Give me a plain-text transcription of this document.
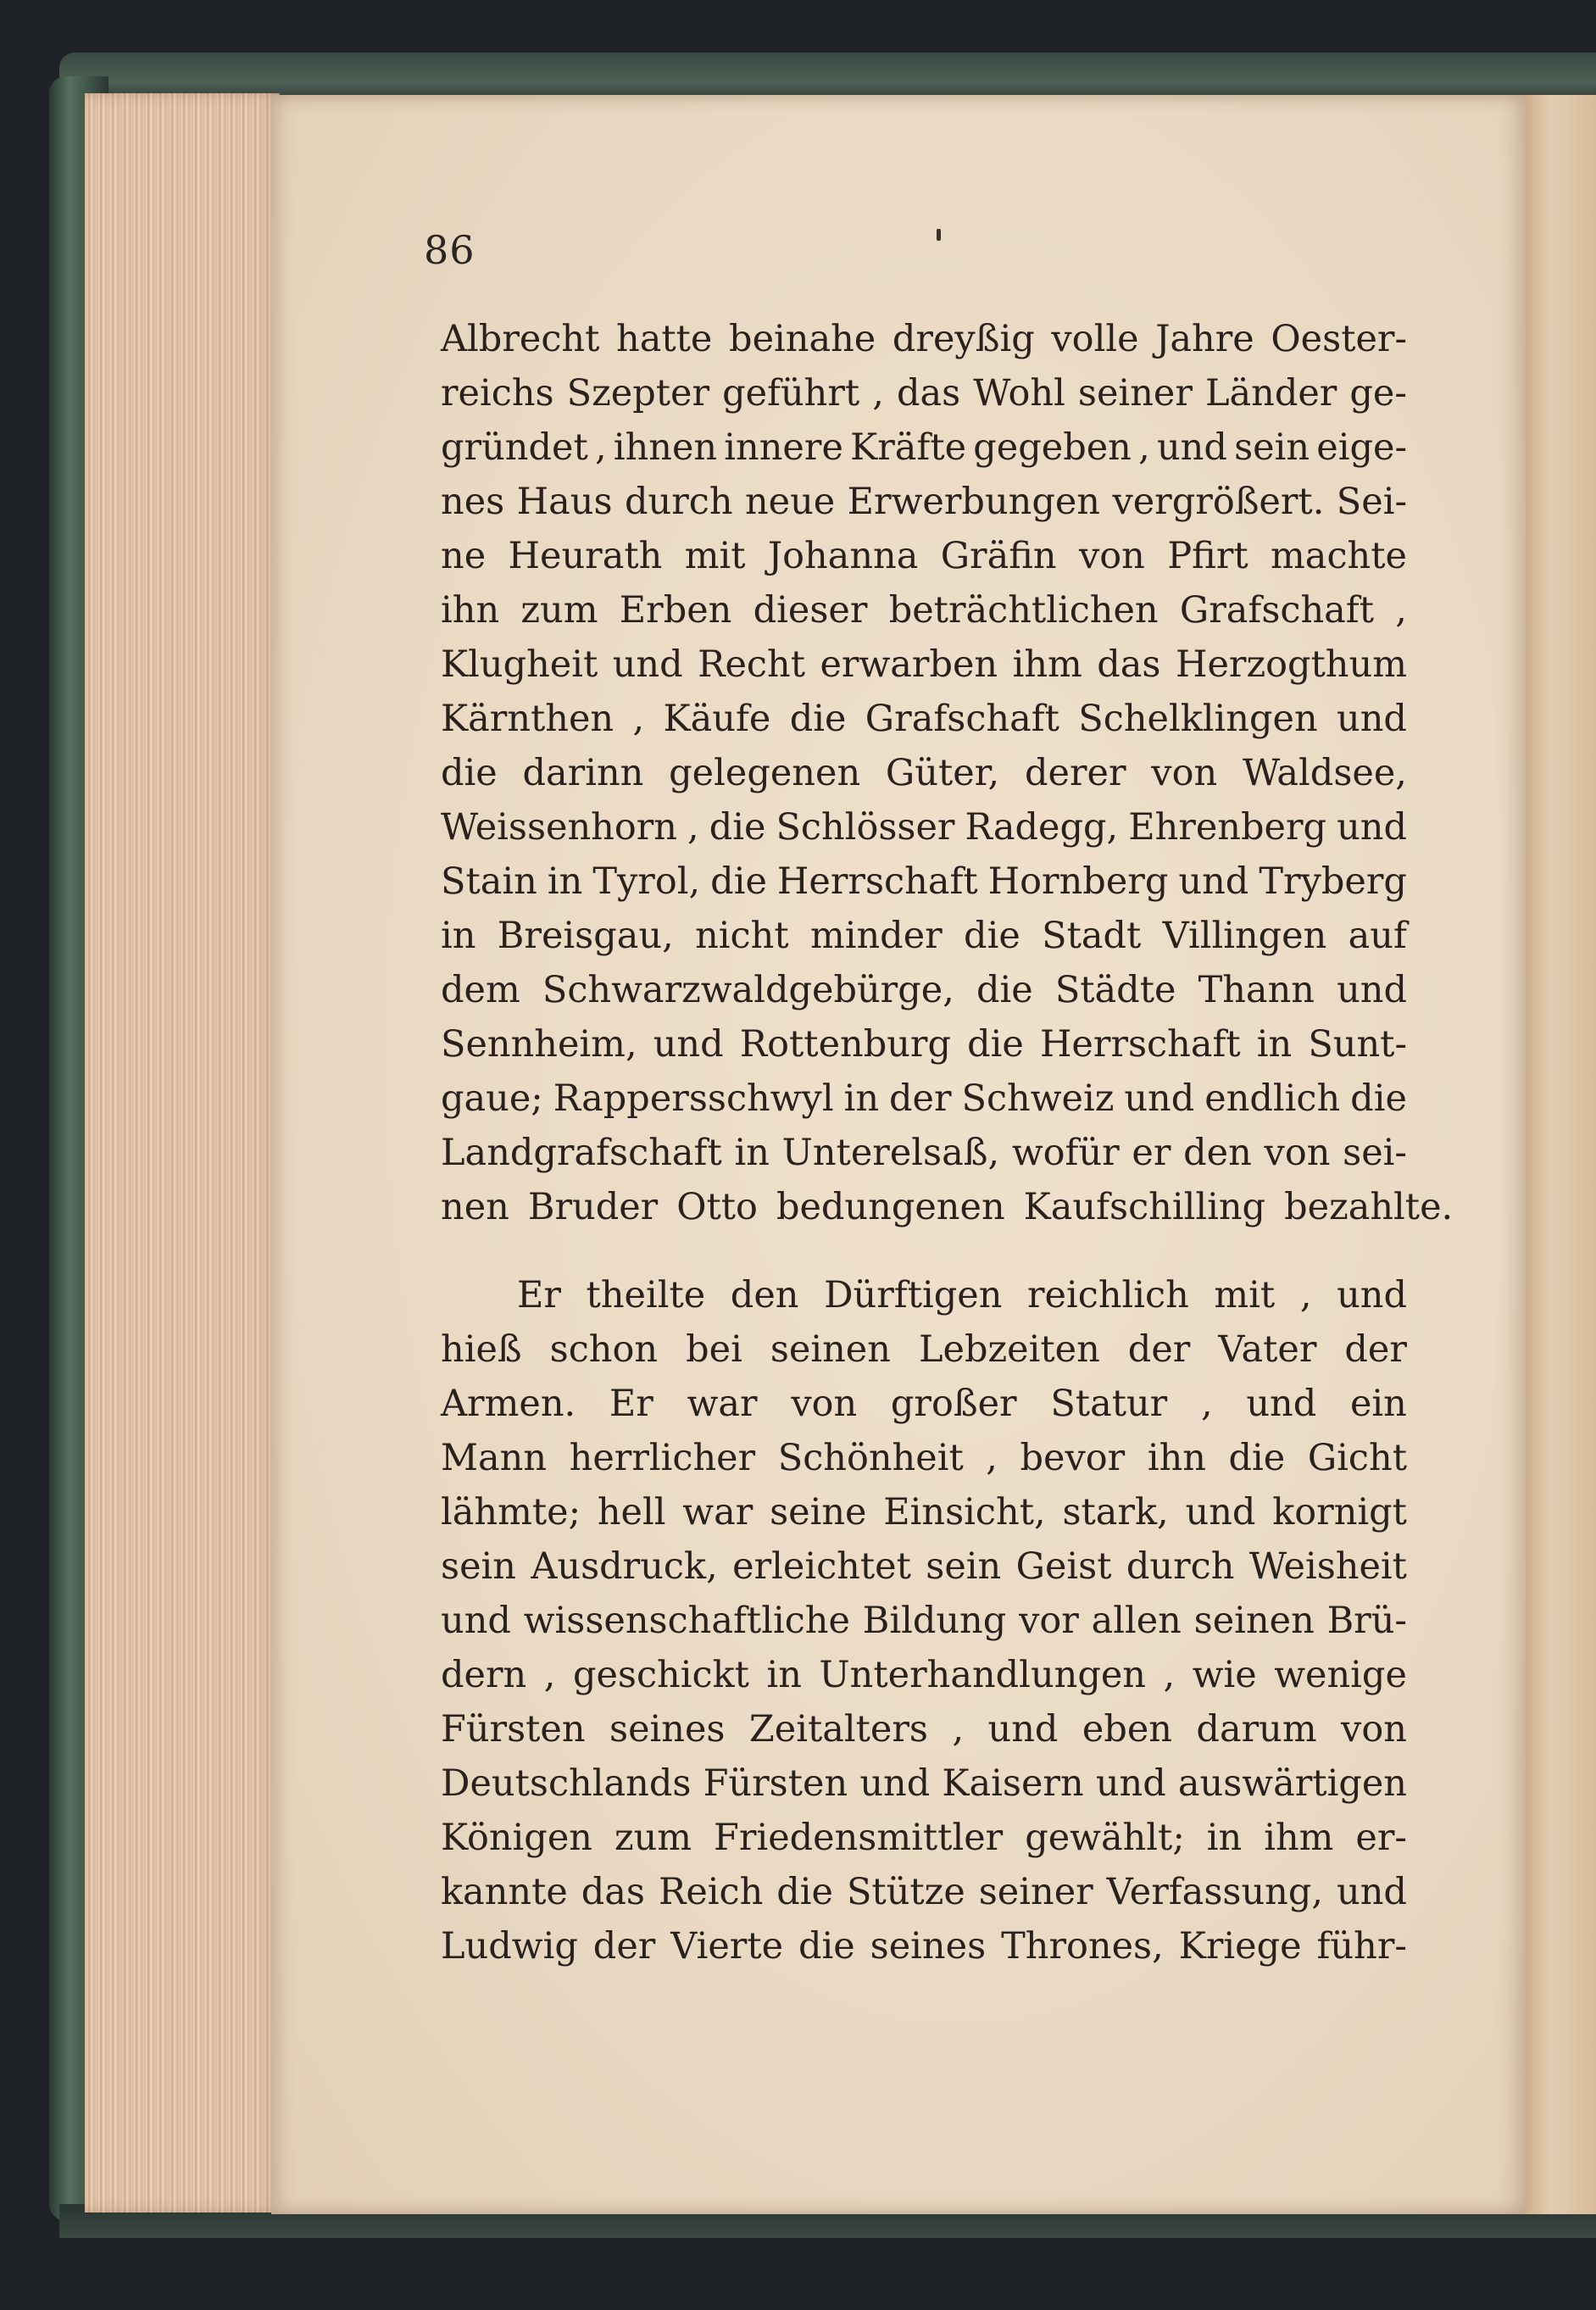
86
Albrecht hatte beinahe dreyßig volle Jahre Oester-
reichs Szepter geführt , das Wohl seiner Länder ge-
gründet , ihnen innere Kräfte gegeben , und sein eige-
nes Haus durch neue Erwerbungen vergrößert. Sei-
ne Heurath mit Johanna Gräfin von Pfirt machte
ihn zum Erben dieser beträchtlichen Grafschaft ,
Klugheit und Recht erwarben ihm das Herzogthum
Kärnthen , Käufe die Grafschaft Schelklingen und
die darinn gelegenen Güter, derer von Waldsee,
Weissenhorn , die Schlösser Radegg, Ehrenberg und
Stain in Tyrol, die Herrschaft Hornberg und Tryberg
in Breisgau, nicht minder die Stadt Villingen auf
dem Schwarzwaldgebürge, die Städte Thann und
Sennheim, und Rottenburg die Herrschaft in Sunt-
gaue; Rappersschwyl in der Schweiz und endlich die
Landgrafschaft in Unterelsaß, wofür er den von sei-
nen Bruder Otto bedungenen Kaufschilling bezahlte.
Er theilte den Dürftigen reichlich mit , und
hieß schon bei seinen Lebzeiten der Vater der
Armen. Er war von großer Statur , und ein
Mann herrlicher Schönheit , bevor ihn die Gicht
lähmte; hell war seine Einsicht, stark, und kornigt
sein Ausdruck, erleichtet sein Geist durch Weisheit
und wissenschaftliche Bildung vor allen seinen Brü-
dern , geschickt in Unterhandlungen , wie wenige
Fürsten seines Zeitalters , und eben darum von
Deutschlands Fürsten und Kaisern und auswärtigen
Königen zum Friedensmittler gewählt; in ihm er-
kannte das Reich die Stütze seiner Verfassung, und
Ludwig der Vierte die seines Thrones, Kriege führ-
